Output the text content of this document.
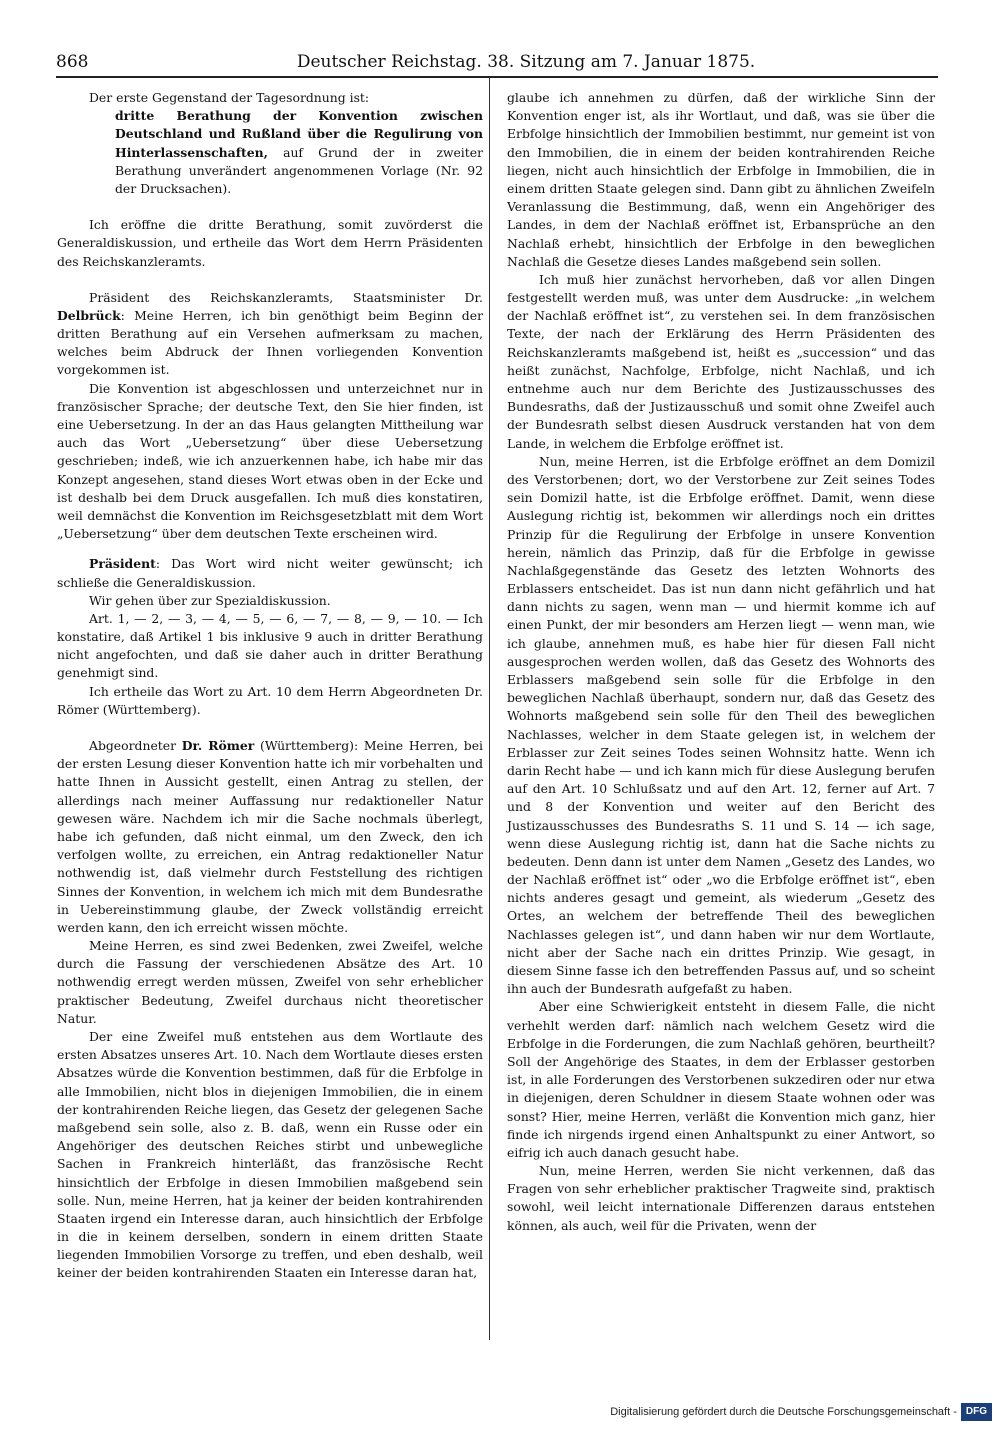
868	Deutscher Reichstag. 38. Sitzung am 7. Januar 1875.

Der erste Gegenstand der Tagesordnung ist:

dritte Berathung der Konvention zwischen Deutschland und Rußland über die Regulirung von Hinterlassenschaften, auf Grund der in zweiter Berathung unverändert angenommenen Vorlage (Nr. 92 der Drucksachen).

Ich eröffne die dritte Berathung, somit zuvörderst die Generaldiskussion, und ertheile das Wort dem Herrn Präsidenten des Reichskanzleramts.

Präsident des Reichskanzleramts, Staatsminister Dr. Delbrück: Meine Herren, ich bin genöthigt beim Beginn der dritten Berathung auf ein Versehen aufmerksam zu machen, welches beim Abdruck der Ihnen vorliegenden Konvention vorgekommen ist.

Die Konvention ist abgeschlossen und unterzeichnet nur in französischer Sprache; der deutsche Text, den Sie hier finden, ist eine Uebersetzung. In der an das Haus gelangten Mittheilung war auch das Wort „Uebersetzung“ über diese Uebersetzung geschrieben; indeß, wie ich anzuerkennen habe, ich habe mir das Konzept angesehen, stand dieses Wort etwas oben in der Ecke und ist deshalb bei dem Druck ausgefallen. Ich muß dies konstatiren, weil demnächst die Konvention im Reichsgesetzblatt mit dem Wort „Uebersetzung“ über dem deutschen Texte erscheinen wird.

Präsident: Das Wort wird nicht weiter gewünscht; ich schließe die Generaldiskussion.

Wir gehen über zur Spezialdiskussion.

Art. 1, — 2, — 3, — 4, — 5, — 6, — 7, — 8, — 9, — 10. — Ich konstatire, daß Artikel 1 bis inklusive 9 auch in dritter Berathung nicht angefochten, und daß sie daher auch in dritter Berathung genehmigt sind.

Ich ertheile das Wort zu Art. 10 dem Herrn Abgeordneten Dr. Römer (Württemberg).

Abgeordneter Dr. Römer (Württemberg): Meine Herren, bei der ersten Lesung dieser Konvention hatte ich mir vorbehalten und hatte Ihnen in Aussicht gestellt, einen Antrag zu stellen, der allerdings nach meiner Auffassung nur redaktioneller Natur gewesen wäre. Nachdem ich mir die Sache nochmals überlegt, habe ich gefunden, daß nicht einmal, um den Zweck, den ich verfolgen wollte, zu erreichen, ein Antrag redaktioneller Natur nothwendig ist, daß vielmehr durch Feststellung des richtigen Sinnes der Konvention, in welchem ich mich mit dem Bundesrathe in Uebereinstimmung glaube, der Zweck vollständig erreicht werden kann, den ich erreicht wissen möchte.

Meine Herren, es sind zwei Bedenken, zwei Zweifel, welche durch die Fassung der verschiedenen Absätze des Art. 10 nothwendig erregt werden müssen, Zweifel von sehr erheblicher praktischer Bedeutung, Zweifel durchaus nicht theoretischer Natur.

Der eine Zweifel muß entstehen aus dem Wortlaute des ersten Absatzes unseres Art. 10. Nach dem Wortlaute dieses ersten Absatzes würde die Konvention bestimmen, daß für die Erbfolge in alle Immobilien, nicht blos in diejenigen Immobilien, die in einem der kontrahirenden Reiche liegen, das Gesetz der gelegenen Sache maßgebend sein solle, also z. B. daß, wenn ein Russe oder ein Angehöriger des deutschen Reiches stirbt und unbewegliche Sachen in Frankreich hinterläßt, das französische Recht hinsichtlich der Erbfolge in diesen Immobilien maßgebend sein solle. Nun, meine Herren, hat ja keiner der beiden kontrahirenden Staaten irgend ein Interesse daran, auch hinsichtlich der Erbfolge in die in keinem derselben, sondern in einem dritten Staate liegenden Immobilien Vorsorge zu treffen, und eben deshalb, weil keiner der beiden kontrahirenden Staaten ein Interesse daran hat,

glaube ich annehmen zu dürfen, daß der wirkliche Sinn der Konvention enger ist, als ihr Wortlaut, und daß, was sie über die Erbfolge hinsichtlich der Immobilien bestimmt, nur gemeint ist von den Immobilien, die in einem der beiden kontrahirenden Reiche liegen, nicht auch hinsichtlich der Erbfolge in Immobilien, die in einem dritten Staate gelegen sind. Dann gibt zu ähnlichen Zweifeln Veranlassung die Bestimmung, daß, wenn ein Angehöriger des Landes, in dem der Nachlaß eröffnet ist, Erbansprüche an den Nachlaß erhebt, hinsichtlich der Erbfolge in den beweglichen Nachlaß die Gesetze dieses Landes maßgebend sein sollen.

Ich muß hier zunächst hervorheben, daß vor allen Dingen festgestellt werden muß, was unter dem Ausdrucke: „in welchem der Nachlaß eröffnet ist“, zu verstehen sei. In dem französischen Texte, der nach der Erklärung des Herrn Präsidenten des Reichskanzleramts maßgebend ist, heißt es „succession“ und das heißt zunächst, Nachfolge, Erbfolge, nicht Nachlaß, und ich entnehme auch nur dem Berichte des Justizausschusses des Bundesraths, daß der Justizausschuß und somit ohne Zweifel auch der Bundesrath selbst diesen Ausdruck verstanden hat von dem Lande, in welchem die Erbfolge eröffnet ist.

Nun, meine Herren, ist die Erbfolge eröffnet an dem Domizil des Verstorbenen; dort, wo der Verstorbene zur Zeit seines Todes sein Domizil hatte, ist die Erbfolge eröffnet. Damit, wenn diese Auslegung richtig ist, bekommen wir allerdings noch ein drittes Prinzip für die Regulirung der Erbfolge in unsere Konvention herein, nämlich das Prinzip, daß für die Erbfolge in gewisse Nachlaßgegenstände das Gesetz des letzten Wohnorts des Erblassers entscheidet. Das ist nun dann nicht gefährlich und hat dann nichts zu sagen, wenn man — und hiermit komme ich auf einen Punkt, der mir besonders am Herzen liegt — wenn man, wie ich glaube, annehmen muß, es habe hier für diesen Fall nicht ausgesprochen werden wollen, daß das Gesetz des Wohnorts des Erblassers maßgebend sein solle für die Erbfolge in den beweglichen Nachlaß überhaupt, sondern nur, daß das Gesetz des Wohnorts maßgebend sein solle für den Theil des beweglichen Nachlasses, welcher in dem Staate gelegen ist, in welchem der Erblasser zur Zeit seines Todes seinen Wohnsitz hatte. Wenn ich darin Recht habe — und ich kann mich für diese Auslegung berufen auf den Art. 10 Schlußsatz und auf den Art. 12, ferner auf Art. 7 und 8 der Konvention und weiter auf den Bericht des Justizausschusses des Bundesraths S. 11 und S. 14 — ich sage, wenn diese Auslegung richtig ist, dann hat die Sache nichts zu bedeuten. Denn dann ist unter dem Namen „Gesetz des Landes, wo der Nachlaß eröffnet ist“ oder „wo die Erbfolge eröffnet ist“, eben nichts anderes gesagt und gemeint, als wiederum „Gesetz des Ortes, an welchem der betreffende Theil des beweglichen Nachlasses gelegen ist“, und dann haben wir nur dem Wortlaute, nicht aber der Sache nach ein drittes Prinzip. Wie gesagt, in diesem Sinne fasse ich den betreffenden Passus auf, und so scheint ihn auch der Bundesrath aufgefaßt zu haben.

Aber eine Schwierigkeit entsteht in diesem Falle, die nicht verhehlt werden darf: nämlich nach welchem Gesetz wird die Erbfolge in die Forderungen, die zum Nachlaß gehören, beurtheilt? Soll der Angehörige des Staates, in dem der Erblasser gestorben ist, in alle Forderungen des Verstorbenen sukzediren oder nur etwa in diejenigen, deren Schuldner in diesem Staate wohnen oder was sonst? Hier, meine Herren, verläßt die Konvention mich ganz, hier finde ich nirgends irgend einen Anhaltspunkt zu einer Antwort, so eifrig ich auch danach gesucht habe.

Nun, meine Herren, werden Sie nicht verkennen, daß das Fragen von sehr erheblicher praktischer Tragweite sind, praktisch sowohl, weil leicht internationale Differenzen daraus entstehen können, als auch, weil für die Privaten, wenn der

Digitalisierung gefördert durch die Deutsche Forschungsgemeinschaft - DFG
